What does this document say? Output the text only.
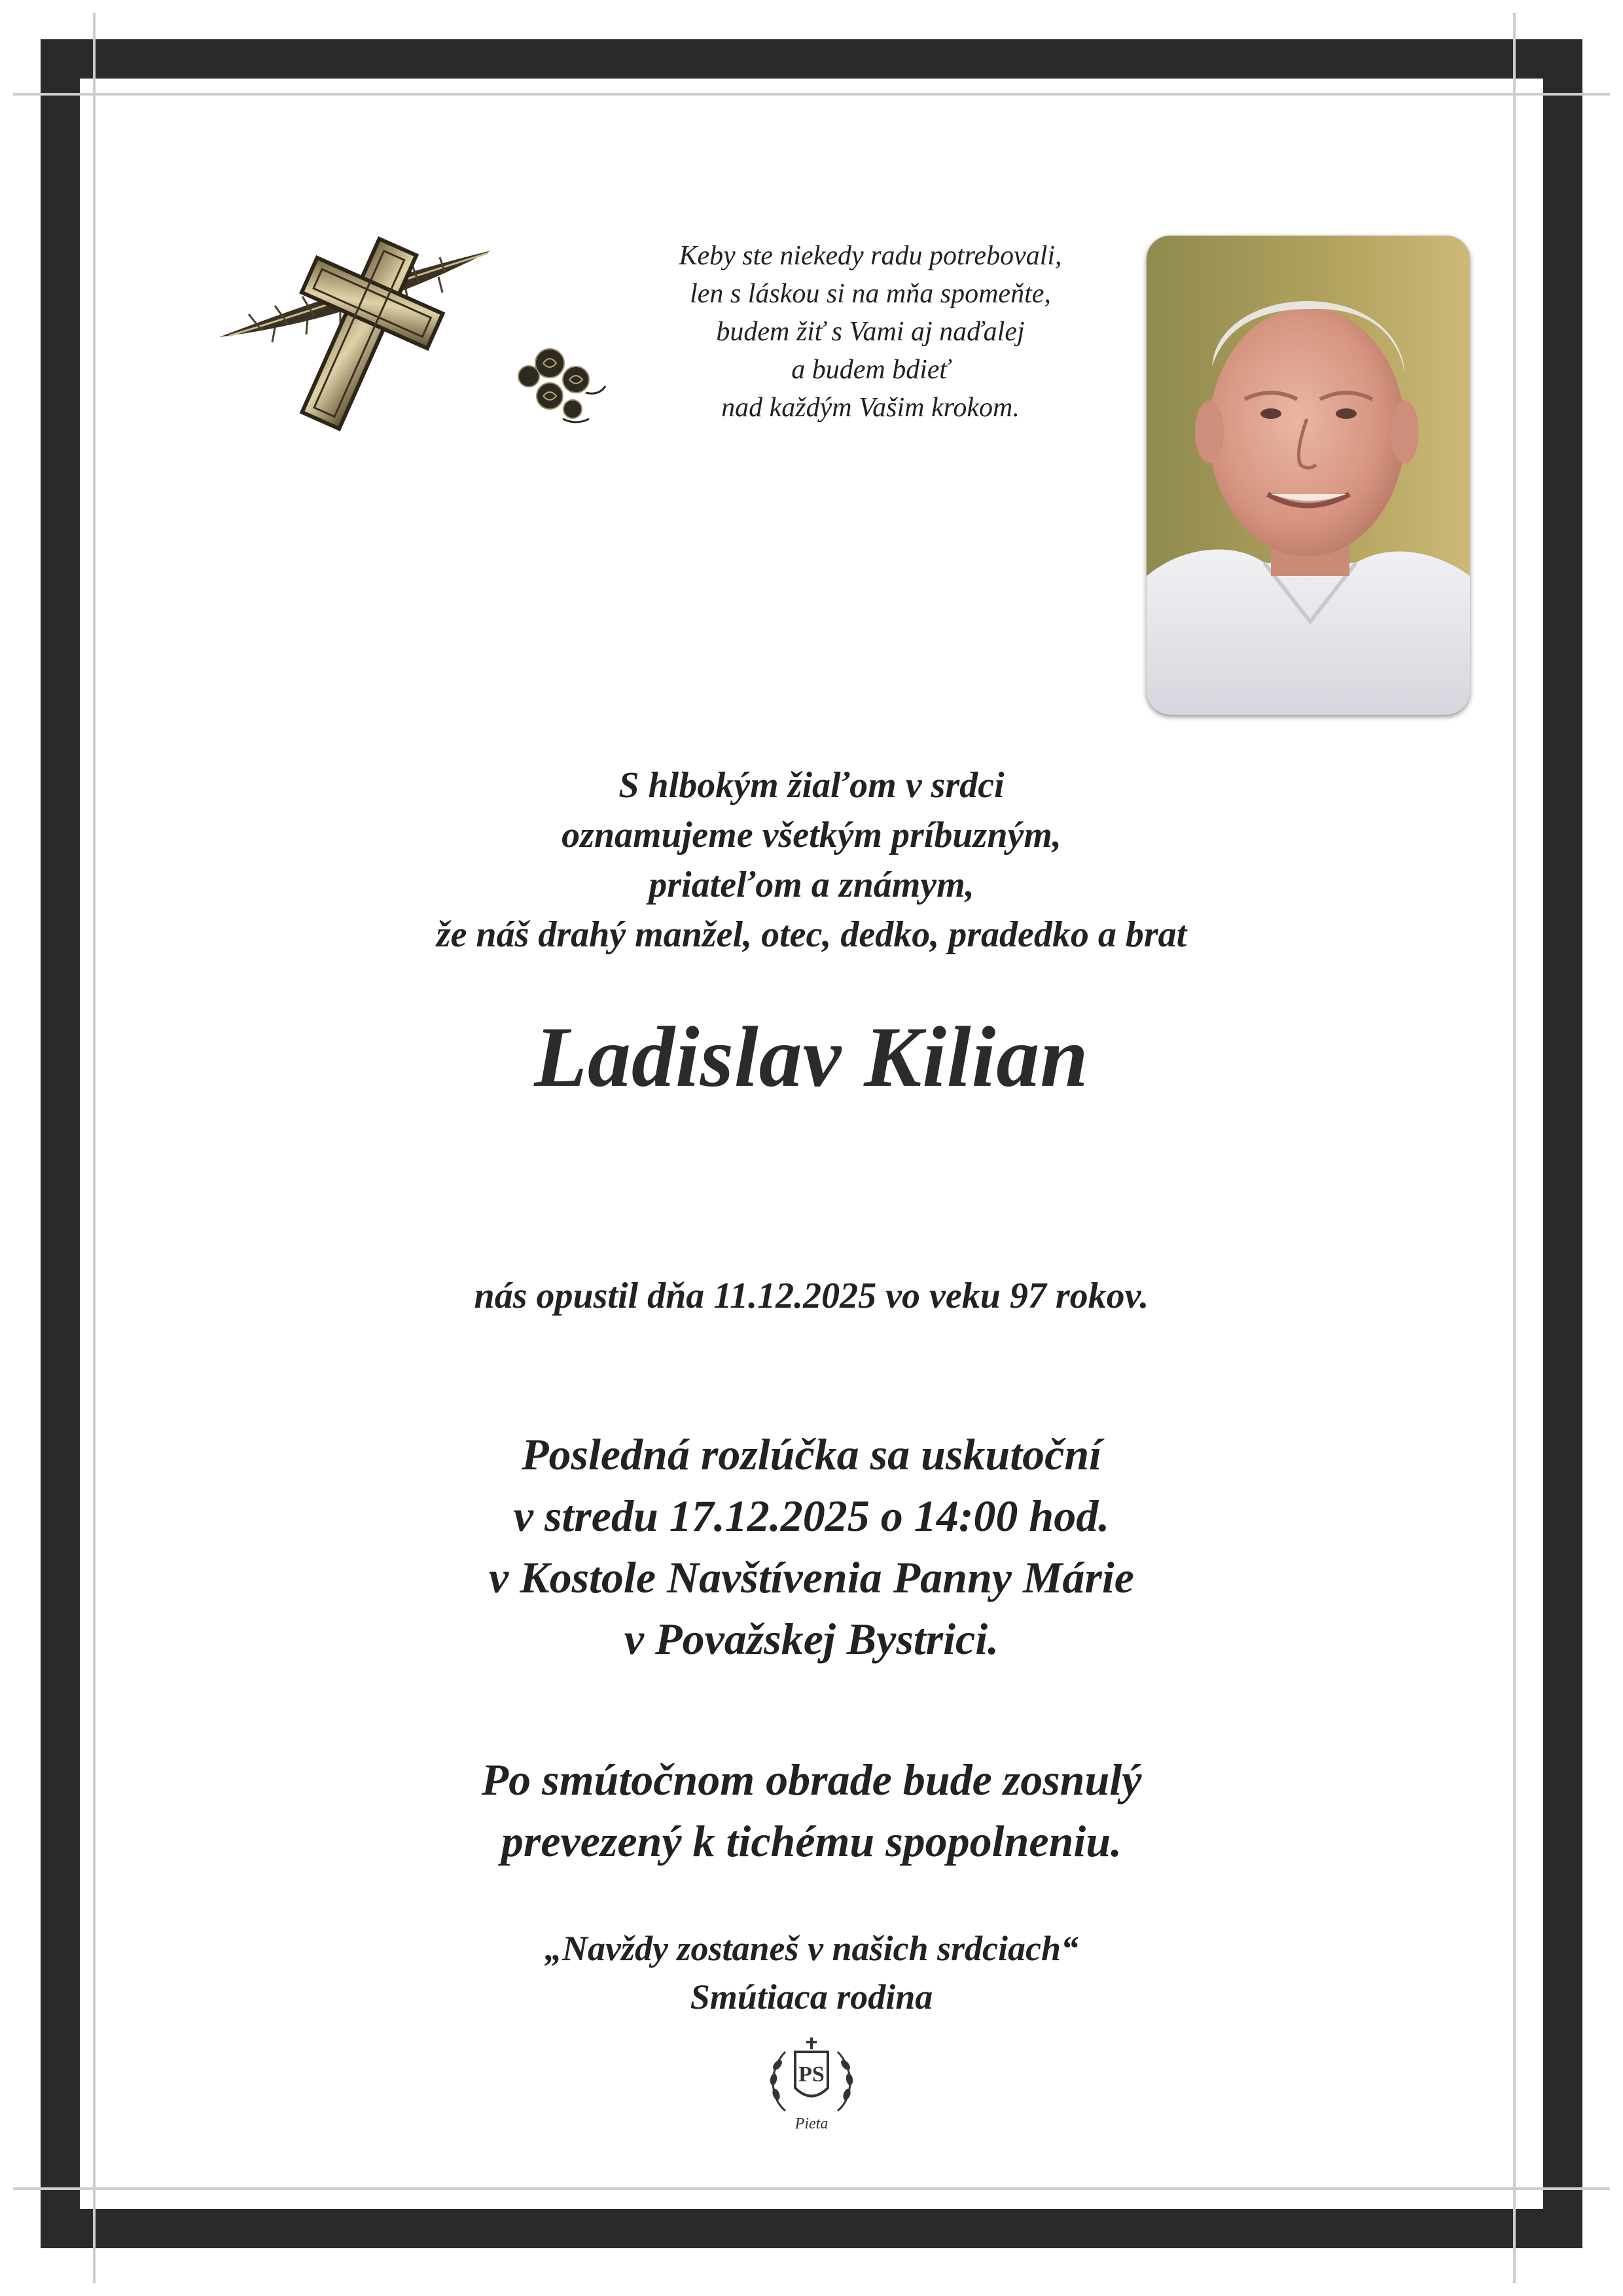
Keby ste niekedy radu potrebovali,
len s láskou si na mňa spomeňte,
budem žiť s Vami aj naďalej
a budem bdieť
nad každým Vašim krokom.
S hlbokým žiaľom v srdci
oznamujeme všetkým príbuzným,
priateľom a známym,
že náš drahý manžel, otec, dedko, pradedko a brat
Ladislav Kilian
nás opustil dňa 11.12.2025 vo veku 97 rokov.
Posledná rozlúčka sa uskutoční
v stredu 17.12.2025 o 14:00 hod.
v Kostole Navštívenia Panny Márie
v Považskej Bystrici.
Po smútočnom obrade bude zosnulý
prevezený k tichému spopolneniu.
„Navždy zostaneš v našich srdciach“
Smútiaca rodina
PS
Pieta
